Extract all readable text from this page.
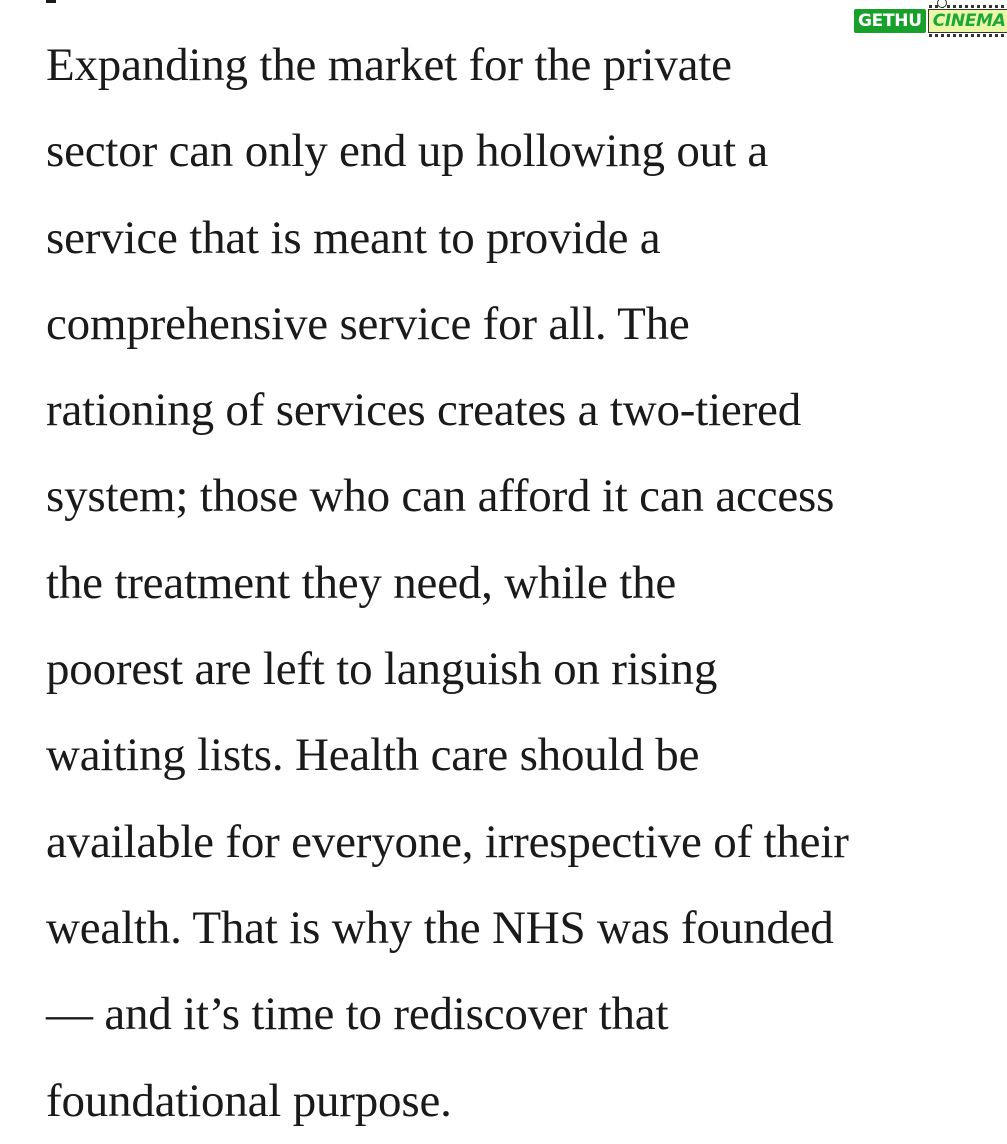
GETHU CINEMA
Expanding the market for the private
sector can only end up hollowing out a
service that is meant to provide a
comprehensive service for all. The
rationing of services creates a two-tiered
system; those who can afford it can access
the treatment they need, while the
poorest are left to languish on rising
waiting lists. Health care should be
available for everyone, irrespective of their
wealth. That is why the NHS was founded
— and it’s time to rediscover that
foundational purpose.
